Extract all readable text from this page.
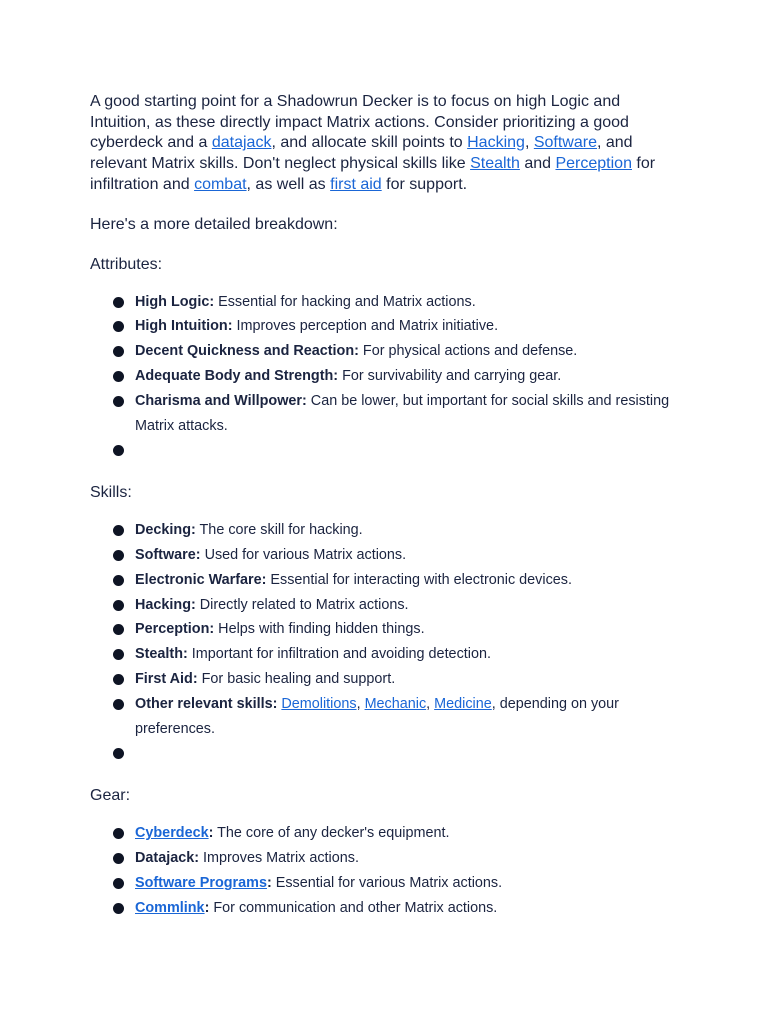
A good starting point for a Shadowrun Decker is to focus on high Logic and Intuition, as these directly impact Matrix actions. Consider prioritizing a good cyberdeck and a datajack, and allocate skill points to Hacking, Software, and relevant Matrix skills. Don't neglect physical skills like Stealth and Perception for infiltration and combat, as well as first aid for support.

Here's a more detailed breakdown:

Attributes:

High Logic: Essential for hacking and Matrix actions.
High Intuition: Improves perception and Matrix initiative.
Decent Quickness and Reaction: For physical actions and defense.
Adequate Body and Strength: For survivability and carrying gear.
Charisma and Willpower: Can be lower, but important for social skills and resisting Matrix attacks.

Skills:

Decking: The core skill for hacking.
Software: Used for various Matrix actions.
Electronic Warfare: Essential for interacting with electronic devices.
Hacking: Directly related to Matrix actions.
Perception: Helps with finding hidden things.
Stealth: Important for infiltration and avoiding detection.
First Aid: For basic healing and support.
Other relevant skills: Demolitions, Mechanic, Medicine, depending on your preferences.

Gear:

Cyberdeck: The core of any decker's equipment.
Datajack: Improves Matrix actions.
Software Programs: Essential for various Matrix actions.
Commlink: For communication and other Matrix actions.
